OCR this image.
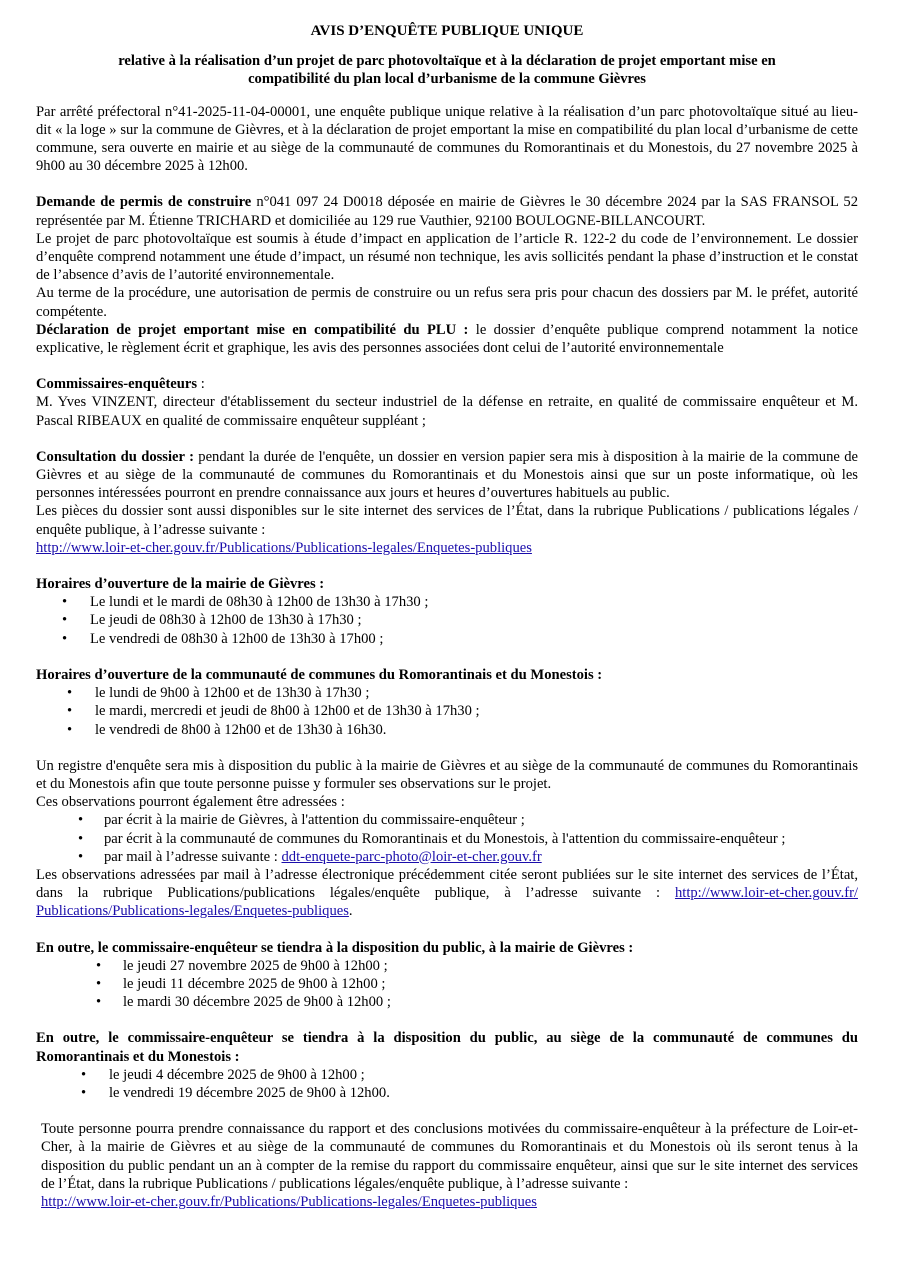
AVIS D’ENQUÊTE PUBLIQUE UNIQUE
relative à la réalisation d’un projet de parc photovoltaïque et à la déclaration de projet emportant mise en compatibilité du plan local d’urbanisme de la commune Gièvres

Par arrêté préfectoral n°41-2025-11-04-00001, une enquête publique unique relative à la réalisation d’un parc photovoltaïque situé au lieu-dit « la loge » sur la commune de Gièvres, et à la déclaration de projet emportant la mise en compatibilité du plan local d’urbanisme de cette commune, sera ouverte en mairie et au siège de la communauté de communes du Romorantinais et du Monestois, du 27 novembre 2025 à 9h00 au 30 décembre 2025 à 12h00.

Demande de permis de construire n°041 097 24 D0018 déposée en mairie de Gièvres le 30 décembre 2024 par la SAS FRANSOL 52 représentée par M. Étienne TRICHARD et domiciliée au 129 rue Vauthier, 92100 BOULOGNE-BILLANCOURT.

Le projet de parc photovoltaïque est soumis à étude d’impact en application de l’article R. 122-2 du code de l’environnement. Le dossier d’enquête comprend notamment une étude d’impact, un résumé non technique, les avis sollicités pendant la phase d’instruction et le constat de l’absence d’avis de l’autorité environnementale.

Au terme de la procédure, une autorisation de permis de construire ou un refus sera pris pour chacun des dossiers par M. le préfet, autorité compétente.

Déclaration de projet emportant mise en compatibilité du PLU : le dossier d’enquête publique comprend notamment la notice explicative, le règlement écrit et graphique, les avis des personnes associées dont celui de l’autorité environnementale

Commissaires-enquêteurs :

M. Yves VINZENT, directeur d'établissement du secteur industriel de la défense en retraite, en qualité de commissaire enquêteur et M. Pascal RIBEAUX en qualité de commissaire enquêteur suppléant ;

Consultation du dossier : pendant la durée de l'enquête, un dossier en version papier sera mis à disposition à la mairie de la commune de Gièvres et au siège de la communauté de communes du Romorantinais et du Monestois ainsi que sur un poste informatique, où les personnes intéressées pourront en prendre connaissance aux jours et heures d’ouvertures habituels au public.

Les pièces du dossier sont aussi disponibles sur le site internet des services de l’État, dans la rubrique Publications / publications légales / enquête publique, à l’adresse suivante :

http://www.loir-et-cher.gouv.fr/Publications/Publications-legales/Enquetes-publiques

Horaires d’ouverture de la mairie de Gièvres :

• Le lundi et le mardi de 08h30 à 12h00 de 13h30 à 17h30 ;
• Le jeudi de 08h30 à 12h00 de 13h30 à 17h30 ;
• Le vendredi de 08h30 à 12h00 de 13h30 à 17h00 ;

Horaires d’ouverture de la communauté de communes du Romorantinais et du Monestois :

• le lundi de 9h00 à 12h00 et de 13h30 à 17h30 ;
• le mardi, mercredi et jeudi de 8h00 à 12h00 et de 13h30 à 17h30 ;
• le vendredi de 8h00 à 12h00 et de 13h30 à 16h30.

Un registre d'enquête sera mis à disposition du public à la mairie de Gièvres et au siège de la communauté de communes du Romorantinais et du Monestois afin que toute personne puisse y formuler ses observations sur le projet.

Ces observations pourront également être adressées :

• par écrit à la mairie de Gièvres, à l'attention du commissaire-enquêteur ;
• par écrit à la communauté de communes du Romorantinais et du Monestois, à l'attention du commissaire-enquêteur ;
• par mail à l’adresse suivante : ddt-enquete-parc-photo@loir-et-cher.gouv.fr

Les observations adressées par mail à l’adresse électronique précédemment citée seront publiées sur le site internet des services de l’État, dans la rubrique Publications/publications légales/enquête publique, à l’adresse suivante : http://www.loir-et-cher.gouv.fr/ Publications/Publications-legales/Enquetes-publiques.

En outre, le commissaire-enquêteur se tiendra à la disposition du public, à la mairie de Gièvres :

• le jeudi 27 novembre 2025 de 9h00 à 12h00 ;
• le jeudi 11 décembre 2025 de 9h00 à 12h00 ;
• le mardi 30 décembre 2025 de 9h00 à 12h00 ;

En outre, le commissaire-enquêteur se tiendra à la disposition du public, au siège de la communauté de communes du Romorantinais et du Monestois :

• le jeudi 4 décembre 2025 de 9h00 à 12h00 ;
• le vendredi 19 décembre 2025 de 9h00 à 12h00.

Toute personne pourra prendre connaissance du rapport et des conclusions motivées du commissaire-enquêteur à la préfecture de Loir-et-Cher, à la mairie de Gièvres et au siège de la communauté de communes du Romorantinais et du Monestois où ils seront tenus à la disposition du public pendant un an à compter de la remise du rapport du commissaire enquêteur, ainsi que sur le site internet des services de l’État, dans la rubrique Publications / publications légales/enquête publique, à l’adresse suivante :

http://www.loir-et-cher.gouv.fr/Publications/Publications-legales/Enquetes-publiques
